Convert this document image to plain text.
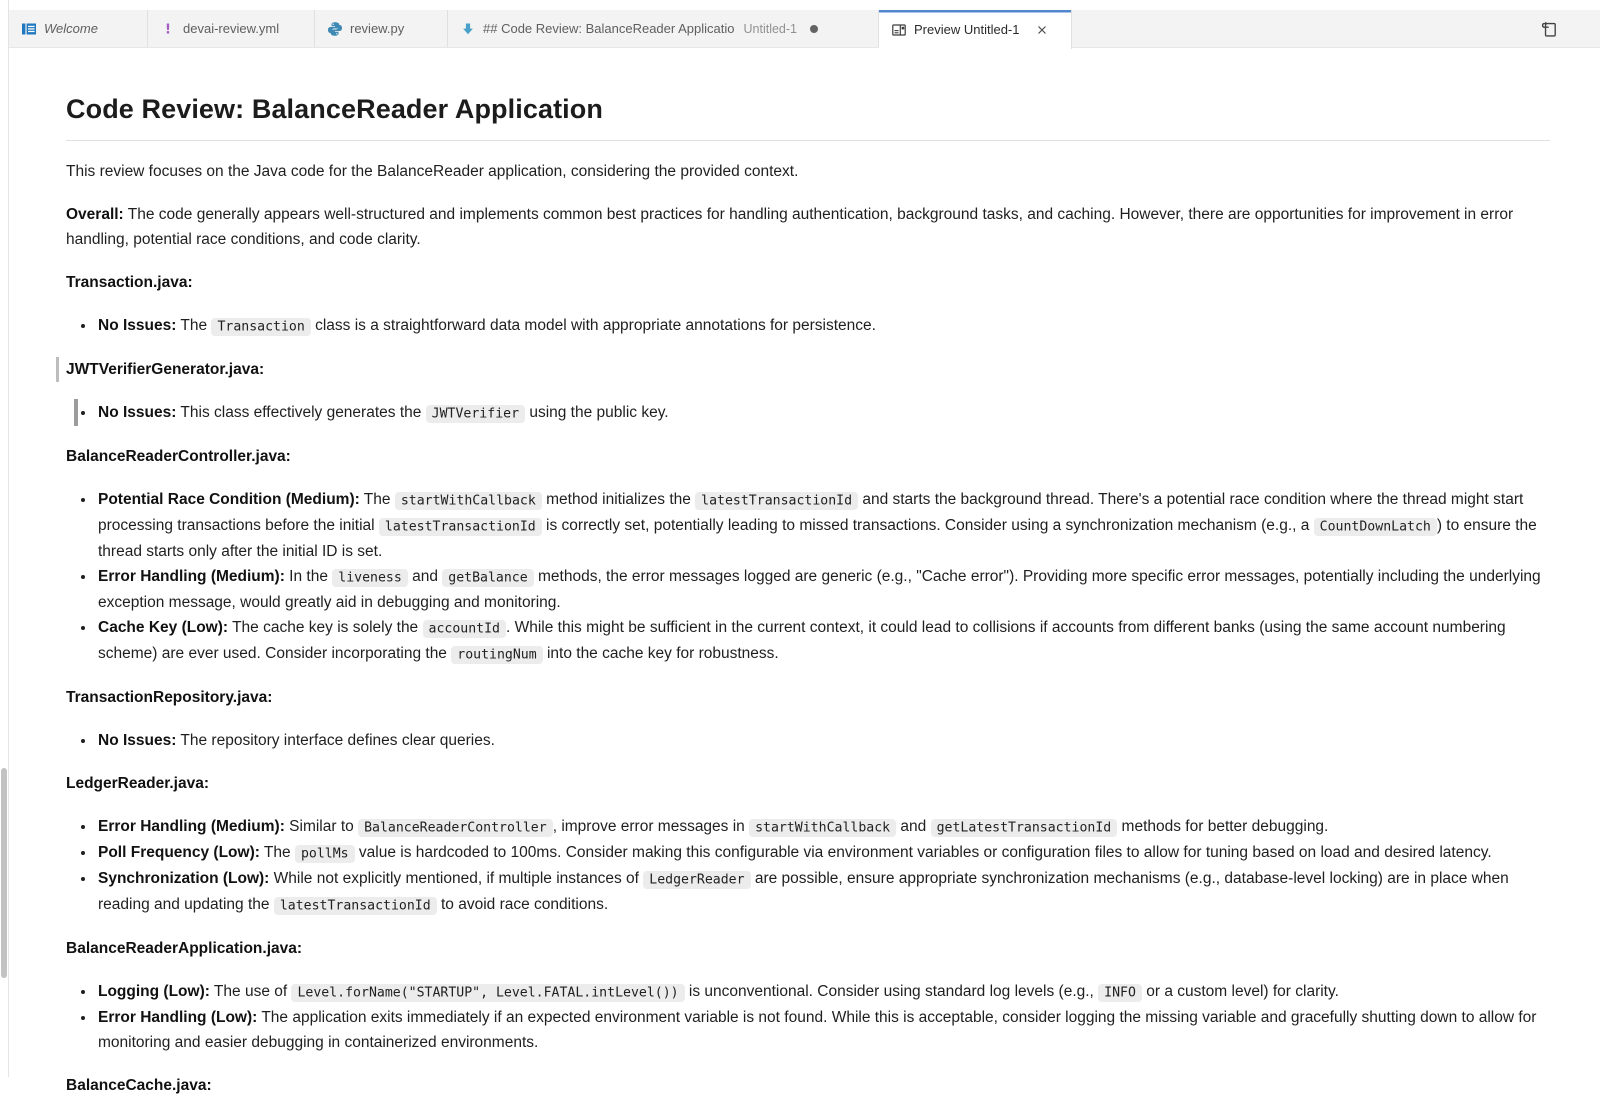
Welcome	! devai-review.yml	review.py	## Code Review: BalanceReader Applicatio Untitled-1	Preview Untitled-1
Code Review: BalanceReader Application

This review focuses on the Java code for the BalanceReader application, considering the provided context.

Overall: The code generally appears well-structured and implements common best practices for handling authentication, background tasks, and caching. However, there are opportunities for improvement in error handling, potential race conditions, and code clarity.

Transaction.java:

• No Issues: The Transaction class is a straightforward data model with appropriate annotations for persistence.

JWTVerifierGenerator.java:

• No Issues: This class effectively generates the JWTVerifier using the public key.

BalanceReaderController.java:

• Potential Race Condition (Medium): The startWithCallback method initializes the latestTransactionId and starts the background thread. There's a potential race condition where the thread might start processing transactions before the initial latestTransactionId is correctly set, potentially leading to missed transactions. Consider using a synchronization mechanism (e.g., a CountDownLatch ) to ensure the thread starts only after the initial ID is set.
• Error Handling (Medium): In the liveness and getBalance methods, the error messages logged are generic (e.g., "Cache error"). Providing more specific error messages, potentially including the underlying exception message, would greatly aid in debugging and monitoring.
• Cache Key (Low): The cache key is solely the accountId . While this might be sufficient in the current context, it could lead to collisions if accounts from different banks (using the same account numbering scheme) are ever used. Consider incorporating the routingNum into the cache key for robustness.

TransactionRepository.java:

• No Issues: The repository interface defines clear queries.

LedgerReader.java:

• Error Handling (Medium): Similar to BalanceReaderController , improve error messages in startWithCallback and getLatestTransactionId methods for better debugging.
• Poll Frequency (Low): The pollMs value is hardcoded to 100ms. Consider making this configurable via environment variables or configuration files to allow for tuning based on load and desired latency.
• Synchronization (Low): While not explicitly mentioned, if multiple instances of LedgerReader are possible, ensure appropriate synchronization mechanisms (e.g., database-level locking) are in place when reading and updating the latestTransactionId to avoid race conditions.

BalanceReaderApplication.java:

• Logging (Low): The use of Level.forName("STARTUP", Level.FATAL.intLevel()) is unconventional. Consider using standard log levels (e.g., INFO or a custom level) for clarity.
• Error Handling (Low): The application exits immediately if an expected environment variable is not found. While this is acceptable, consider logging the missing variable and gracefully shutting down to allow for monitoring and easier debugging in containerized environments.

BalanceCache.java:
